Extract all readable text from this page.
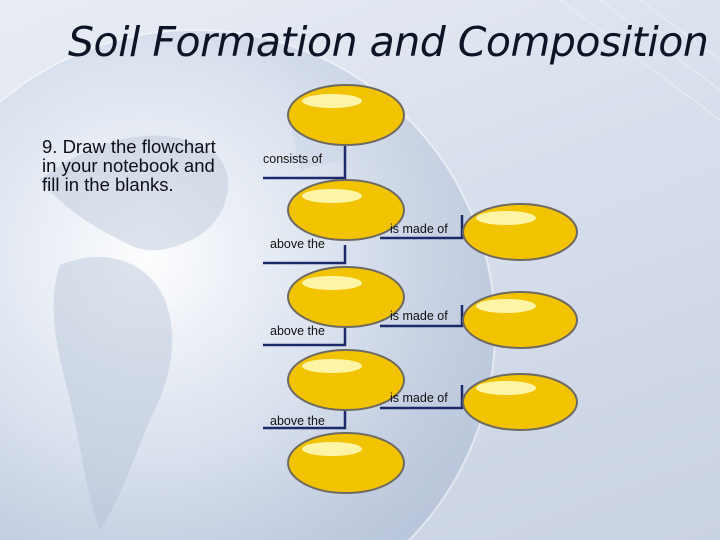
Soil Formation and Composition
9. Draw the flowchart in your notebook and fill in the blanks.
consists of
above the
above the
above the
is made of
is made of
is made of
